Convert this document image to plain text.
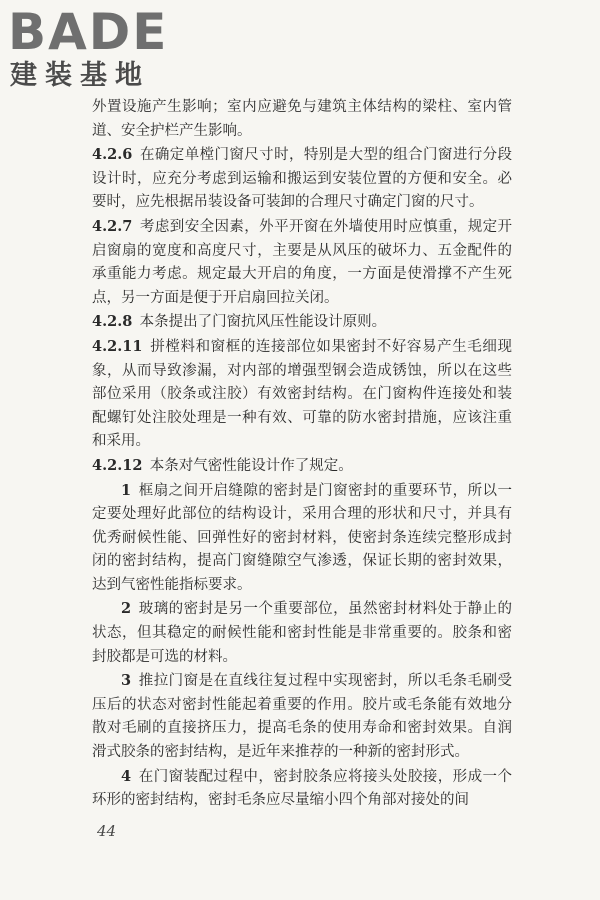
BADE
建装基地

外置设施产生影响；室内应避免与建筑主体结构的梁柱、室内管道、安全护栏产生影响。

4.2.6 在确定单樘门窗尺寸时，特别是大型的组合门窗进行分段设计时，应充分考虑到运输和搬运到安装位置的方便和安全。必要时，应先根据吊装设备可装卸的合理尺寸确定门窗的尺寸。

4.2.7 考虑到安全因素，外平开窗在外墙使用时应慎重，规定开启窗扇的宽度和高度尺寸，主要是从风压的破坏力、五金配件的承重能力考虑。规定最大开启的角度，一方面是使滑撑不产生死点，另一方面是便于开启扇回拉关闭。

4.2.8 本条提出了门窗抗风压性能设计原则。

4.2.11 拼樘料和窗框的连接部位如果密封不好容易产生毛细现象，从而导致渗漏，对内部的增强型钢会造成锈蚀，所以在这些部位采用（胶条或注胶）有效密封结构。在门窗构件连接处和装配螺钉处注胶处理是一种有效、可靠的防水密封措施，应该注重和采用。

4.2.12 本条对气密性能设计作了规定。

1 框扇之间开启缝隙的密封是门窗密封的重要环节，所以一定要处理好此部位的结构设计，采用合理的形状和尺寸，并具有优秀耐候性能、回弹性好的密封材料，使密封条连续完整形成封闭的密封结构，提高门窗缝隙空气渗透，保证长期的密封效果，达到气密性能指标要求。

2 玻璃的密封是另一个重要部位，虽然密封材料处于静止的状态，但其稳定的耐候性能和密封性能是非常重要的。胶条和密封胶都是可选的材料。

3 推拉门窗是在直线往复过程中实现密封，所以毛条毛刷受压后的状态对密封性能起着重要的作用。胶片或毛条能有效地分散对毛刷的直接挤压力，提高毛条的使用寿命和密封效果。自润滑式胶条的密封结构，是近年来推荐的一种新的密封形式。

4 在门窗装配过程中，密封胶条应将接头处胶接，形成一个环形的密封结构，密封毛条应尽量缩小四个角部对接处的间

44
